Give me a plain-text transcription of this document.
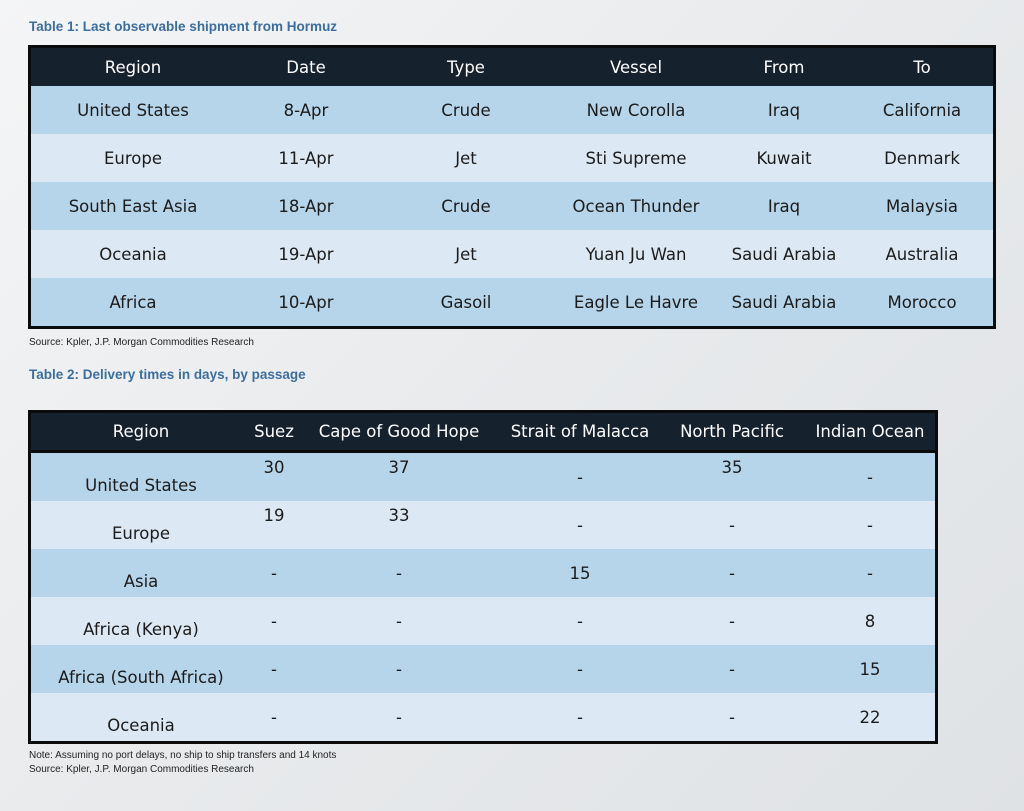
Table 1: Last observable shipment from Hormuz
Region	Date	Type	Vessel	From	To
United States	8-Apr	Crude	New Corolla	Iraq	California
Europe	11-Apr	Jet	Sti Supreme	Kuwait	Denmark
South East Asia	18-Apr	Crude	Ocean Thunder	Iraq	Malaysia
Oceania	19-Apr	Jet	Yuan Ju Wan	Saudi Arabia	Australia
Africa	10-Apr	Gasoil	Eagle Le Havre	Saudi Arabia	Morocco
Source: Kpler, J.P. Morgan Commodities Research
Table 2: Delivery times in days, by passage
Region	Suez	Cape of Good Hope	Strait of Malacca	North Pacific	Indian Ocean
United States	30	37	-	35	-
Europe	19	33	-	-	-
Asia	-	-	15	-	-
Africa (Kenya)	-	-	-	-	8
Africa (South Africa)	-	-	-	-	15
Oceania	-	-	-	-	22
Note: Assuming no port delays, no ship to ship transfers and 14 knots
Source: Kpler, J.P. Morgan Commodities Research
